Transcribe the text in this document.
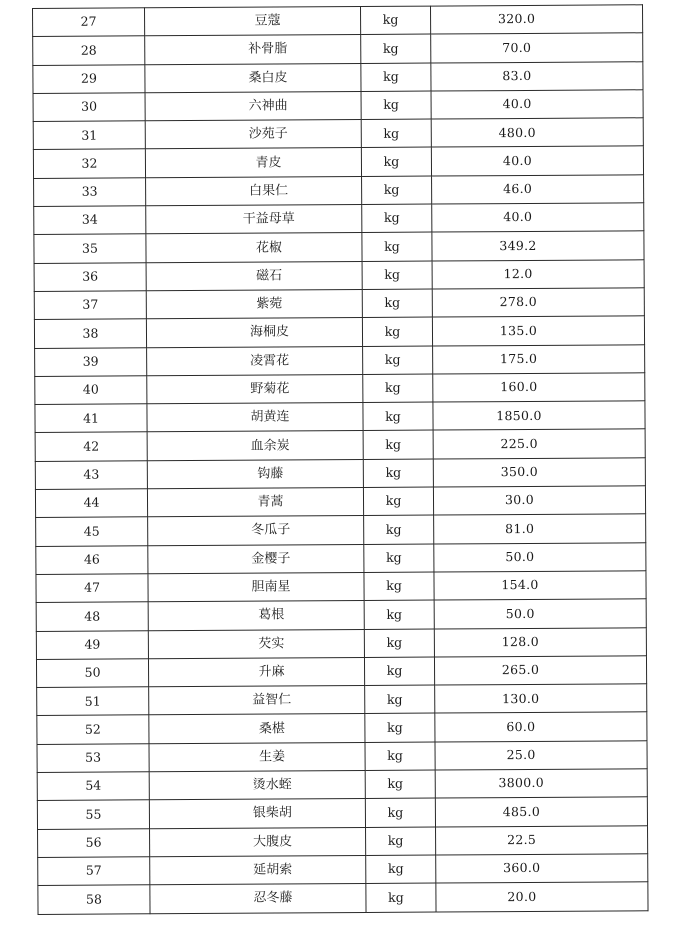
27	豆蔻	kg	320.0
28	补骨脂	kg	70.0
29	桑白皮	kg	83.0
30	六神曲	kg	40.0
31	沙苑子	kg	480.0
32	青皮	kg	40.0
33	白果仁	kg	46.0
34	干益母草	kg	40.0
35	花椒	kg	349.2
36	磁石	kg	12.0
37	紫菀	kg	278.0
38	海桐皮	kg	135.0
39	凌霄花	kg	175.0
40	野菊花	kg	160.0
41	胡黄连	kg	1850.0
42	血余炭	kg	225.0
43	钩藤	kg	350.0
44	青蒿	kg	30.0
45	冬瓜子	kg	81.0
46	金樱子	kg	50.0
47	胆南星	kg	154.0
48	葛根	kg	50.0
49	芡实	kg	128.0
50	升麻	kg	265.0
51	益智仁	kg	130.0
52	桑椹	kg	60.0
53	生姜	kg	25.0
54	烫水蛭	kg	3800.0
55	银柴胡	kg	485.0
56	大腹皮	kg	22.5
57	延胡索	kg	360.0
58	忍冬藤	kg	20.0
